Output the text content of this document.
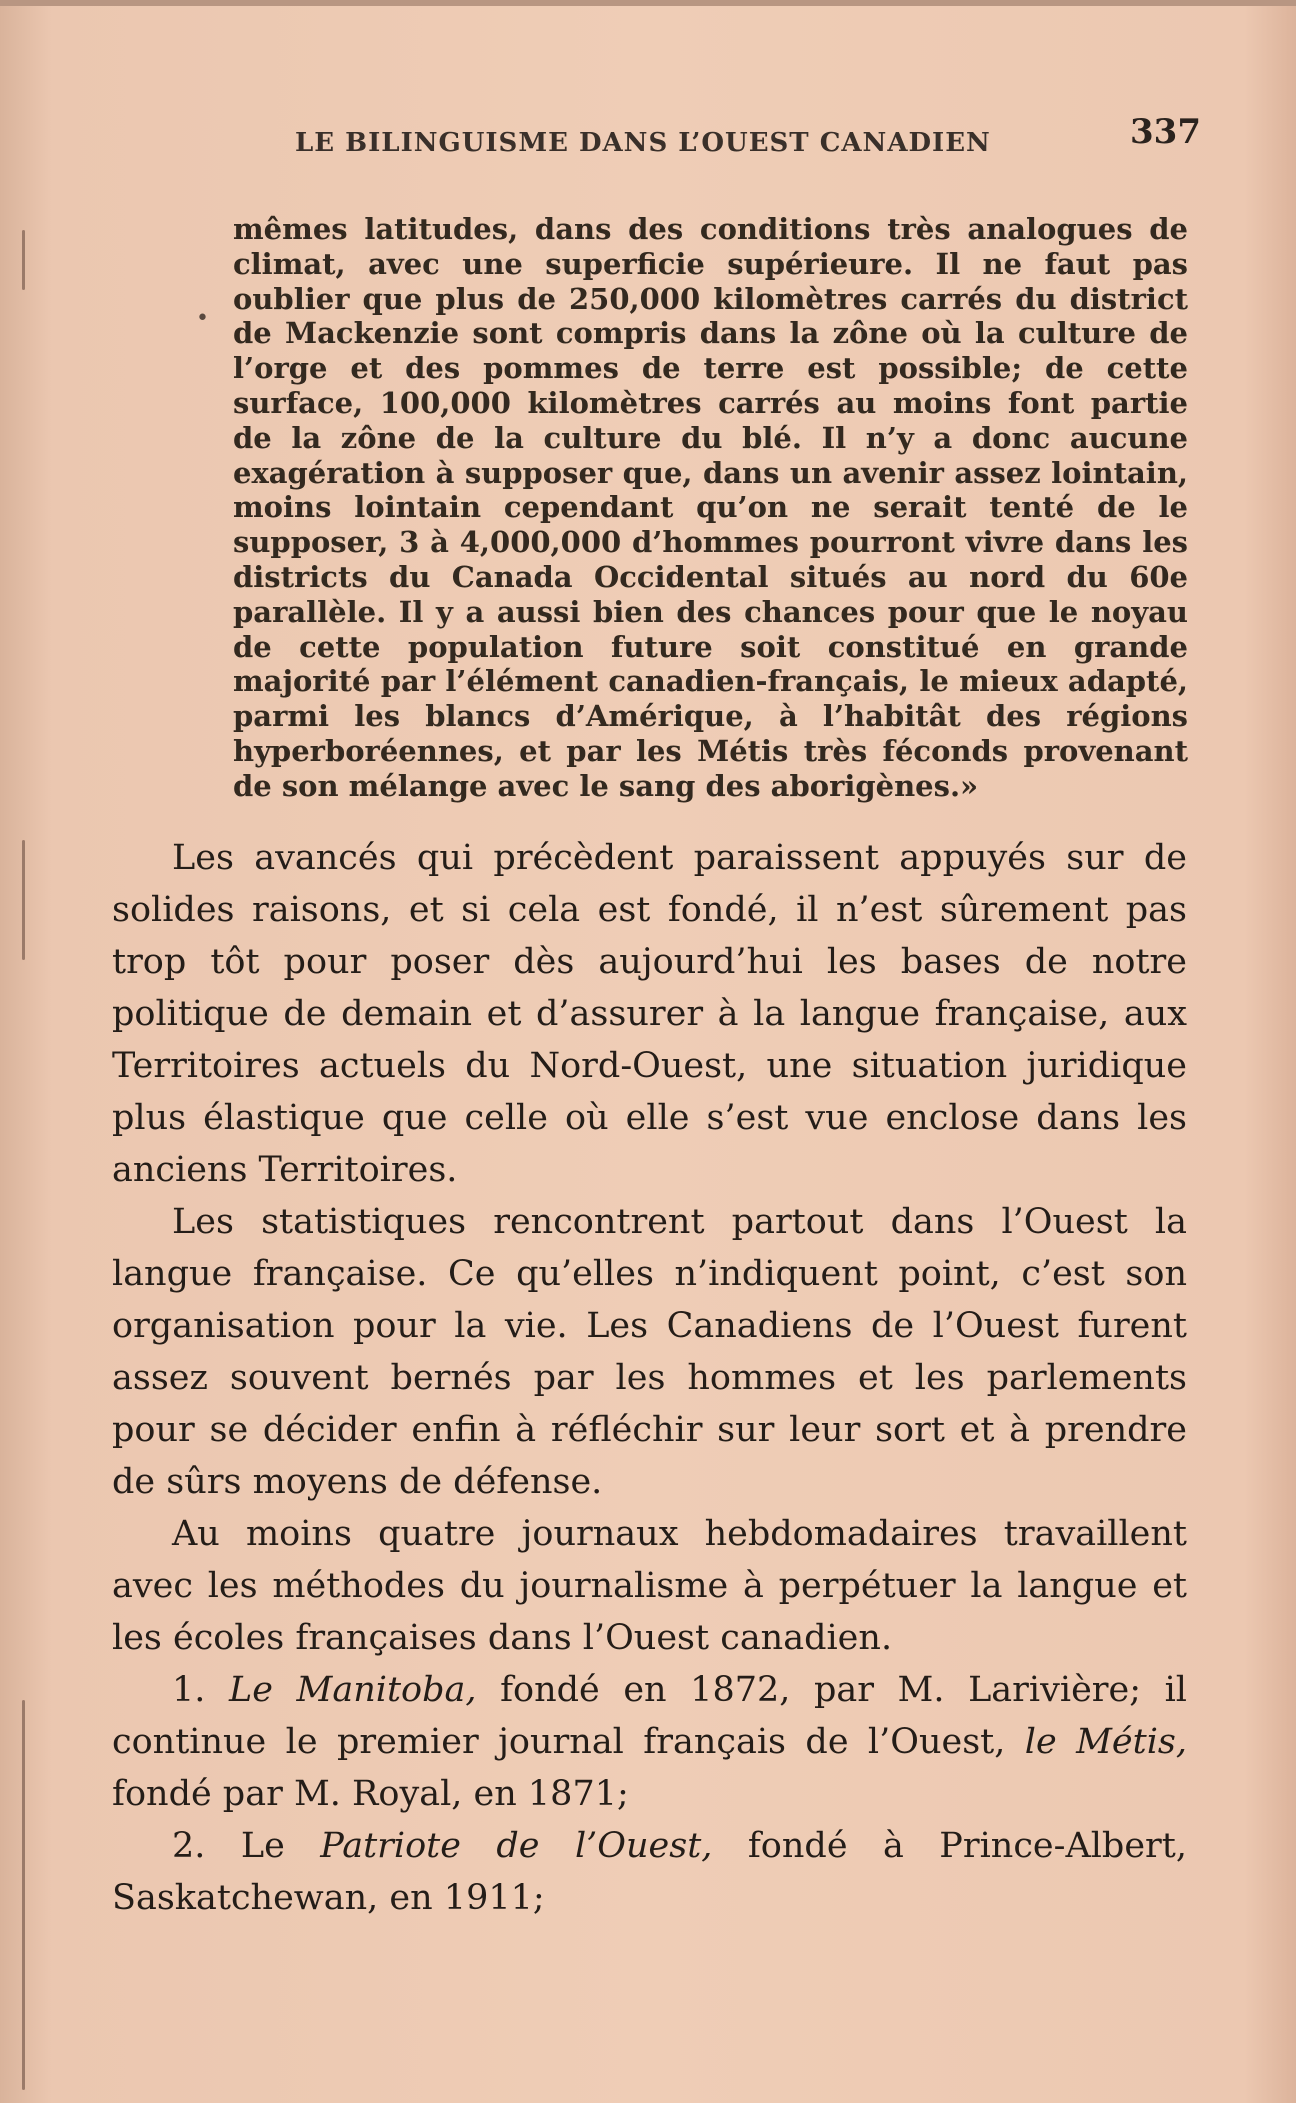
•
LE BILINGUISME DANS L’OUEST CANADIEN	337
mêmes latitudes, dans des conditions très analogues de climat, avec une superficie supérieure. Il ne faut pas oublier que plus de 250,000 kilomètres carrés du district de Mackenzie sont compris dans la zône où la culture de l’orge et des pommes de terre est possible; de cette surface, 100,000 kilomètres carrés au moins font partie de la zône de la culture du blé. Il n’y a donc aucune exagération à supposer que, dans un avenir assez lointain, moins lointain cependant qu’on ne serait tenté de le supposer, 3 à 4,000,000 d’hommes pourront vivre dans les districts du Canada Occidental situés au nord du 60e parallèle. Il y a aussi bien des chances pour que le noyau de cette population future soit constitué en grande majorité par l’élément canadien-français, le mieux adapté, parmi les blancs d’Amérique, à l’habitât des régions hyperboréennes, et par les Métis très féconds provenant de son mélange avec le sang des aborigènes.»

Les avancés qui précèdent paraissent appuyés sur de solides raisons, et si cela est fondé, il n’est sûrement pas trop tôt pour poser dès aujourd’hui les bases de notre politique de demain et d’assurer à la langue française, aux Territoires actuels du Nord-Ouest, une situation juridique plus élastique que celle où elle s’est vue enclose dans les anciens Territoires.

Les statistiques rencontrent partout dans l’Ouest la langue française. Ce qu’elles n’indiquent point, c’est son organisation pour la vie. Les Canadiens de l’Ouest furent assez souvent bernés par les hommes et les parlements pour se décider enfin à réfléchir sur leur sort et à prendre de sûrs moyens de défense.

Au moins quatre journaux hebdomadaires travaillent avec les méthodes du journalisme à perpétuer la langue et les écoles françaises dans l’Ouest canadien.

1. Le Manitoba, fondé en 1872, par M. Larivière; il continue le premier journal français de l’Ouest, le Métis, fondé par M. Royal, en 1871;

2. Le Patriote de l’Ouest, fondé à Prince-Albert, Saskatchewan, en 1911;
